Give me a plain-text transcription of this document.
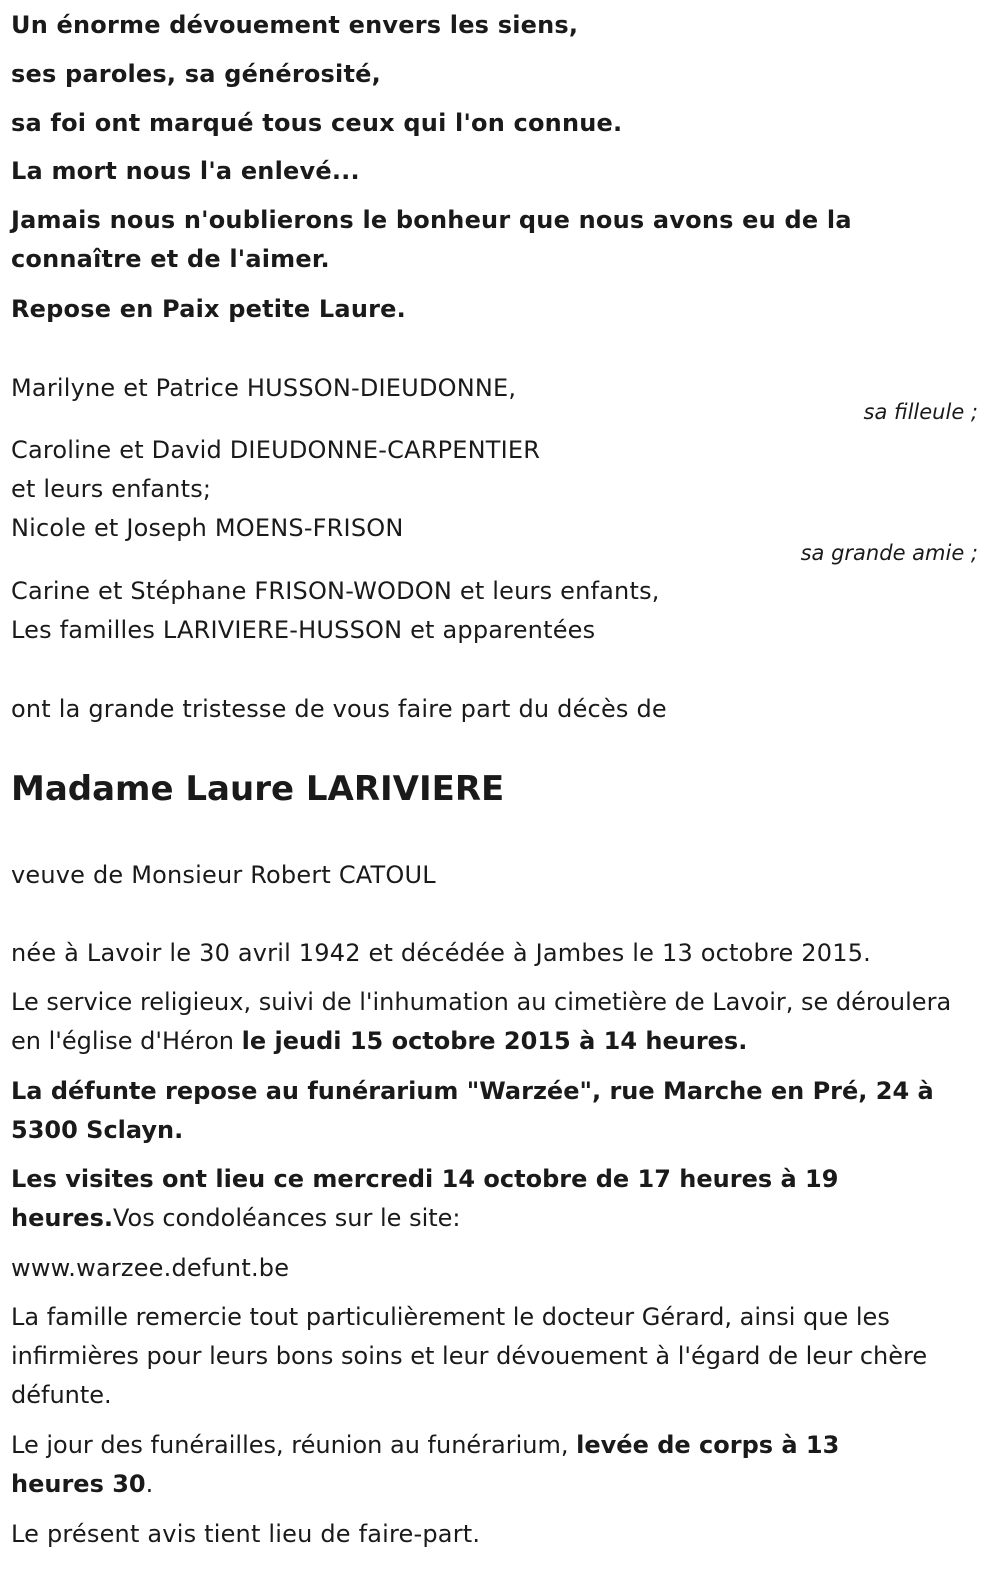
Un énorme dévouement envers les siens,

ses paroles, sa générosité,

sa foi ont marqué tous ceux qui l'on connue.

La mort nous l'a enlevé...

Jamais nous n'oublierons le bonheur que nous avons eu de la connaître et de l'aimer.

Repose en Paix petite Laure.

Marilyne et Patrice HUSSON-DIEUDONNE,

sa filleule ;

Caroline et David DIEUDONNE-CARPENTIER

et leurs enfants;

Nicole et Joseph MOENS-FRISON

sa grande amie ;

Carine et Stéphane FRISON-WODON et leurs enfants,

Les familles LARIVIERE-HUSSON et apparentées

ont la grande tristesse de vous faire part du décès de

Madame Laure LARIVIERE

veuve de Monsieur Robert CATOUL

née à Lavoir le 30 avril 1942 et décédée à Jambes le 13 octobre 2015.

Le service religieux, suivi de l'inhumation au cimetière de Lavoir, se déroulera en l'église d'Héron le jeudi 15 octobre 2015 à 14 heures.

La défunte repose au funérarium "Warzée", rue Marche en Pré, 24 à 5300 Sclayn.

Les visites ont lieu ce mercredi 14 octobre de 17 heures à 19 heures.Vos condoléances sur le site:

www.warzee.defunt.be

La famille remercie tout particulièrement le docteur Gérard, ainsi que les infirmières pour leurs bons soins et leur dévouement à l'égard de leur chère défunte.

Le jour des funérailles, réunion au funérarium, levée de corps à 13 heures 30.

Le présent avis tient lieu de faire-part.
